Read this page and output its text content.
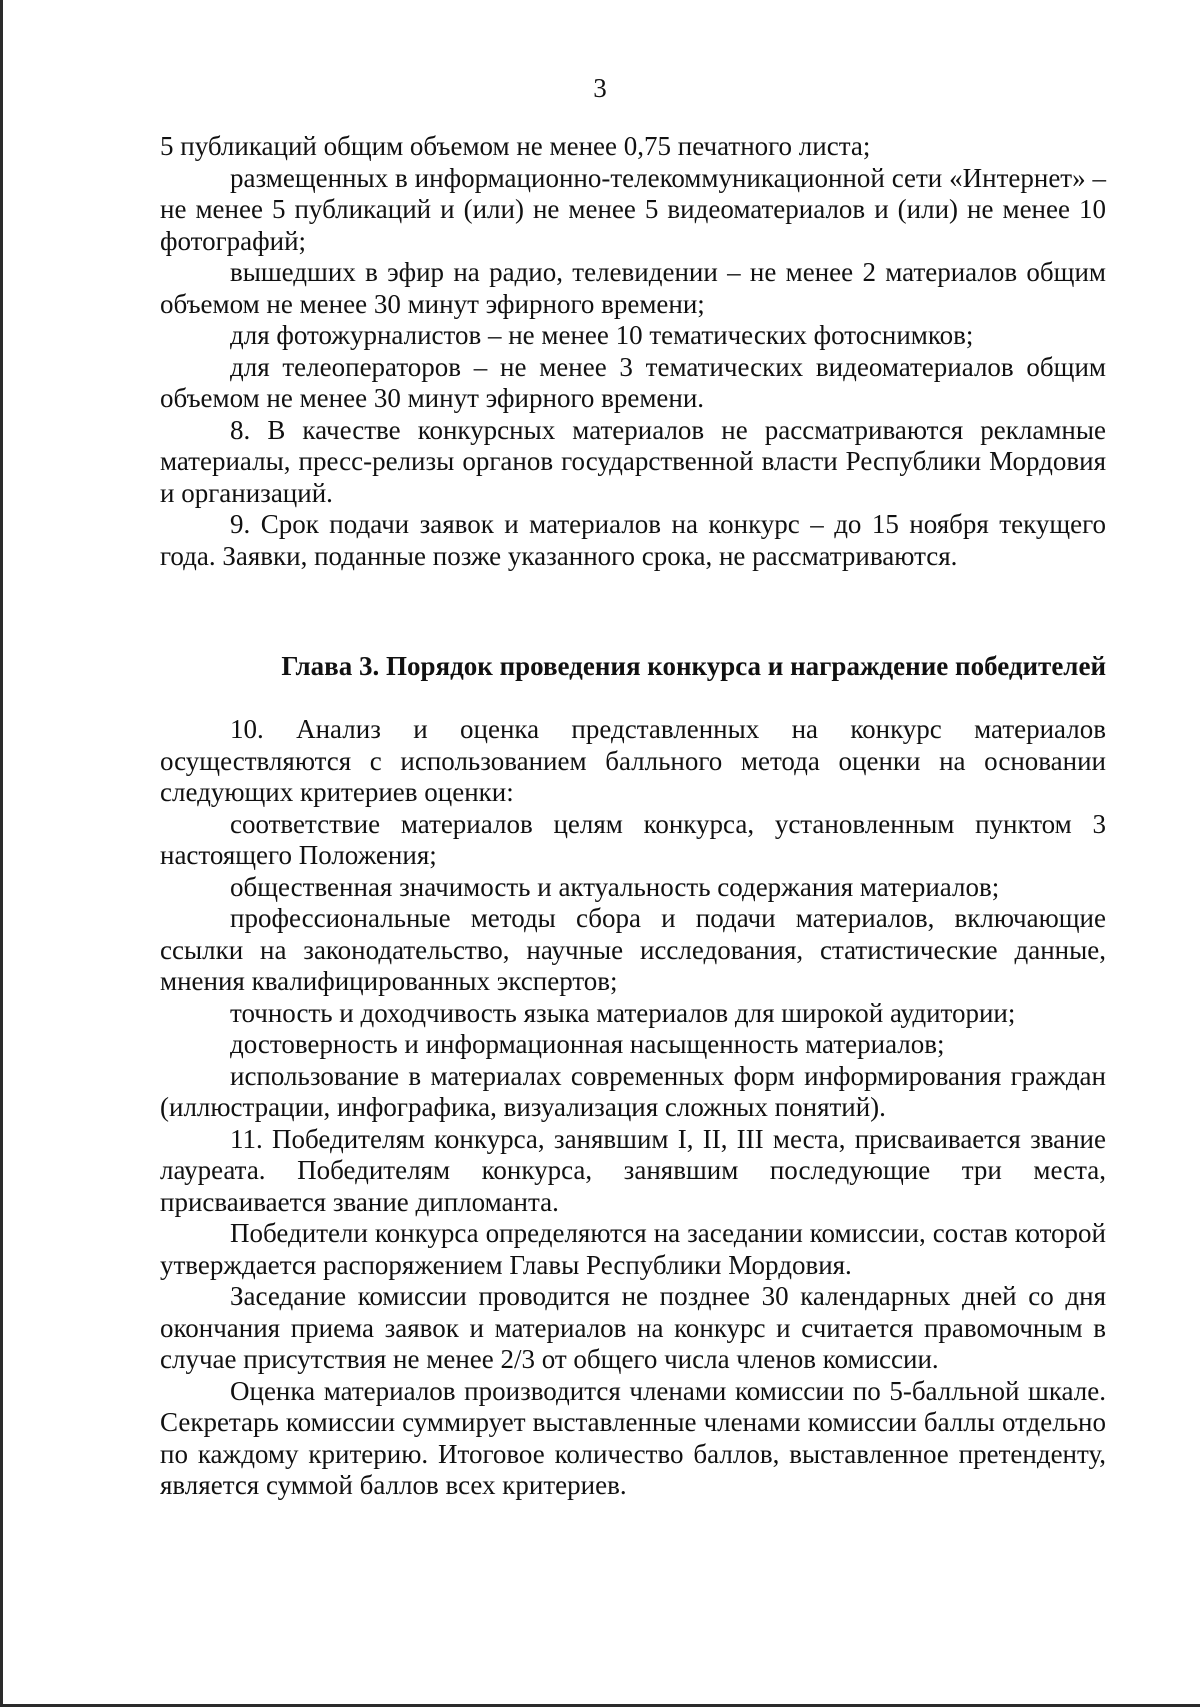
3

5 публикаций общим объемом не менее 0,75 печатного листа;

размещенных в информационно-телекоммуникационной сети «Интернет» – не менее 5 публикаций и (или) не менее 5 видеоматериалов и (или) не менее 10 фотографий;

вышедших в эфир на радио, телевидении – не менее 2 материалов общим объемом не менее 30 минут эфирного времени;

для фотожурналистов – не менее 10 тематических фотоснимков;

для телеоператоров – не менее 3 тематических видеоматериалов общим объемом не менее 30 минут эфирного времени.

8. В качестве конкурсных материалов не рассматриваются рекламные материалы, пресс-релизы органов государственной власти Республики Мордовия и организаций.

9. Срок подачи заявок и материалов на конкурс – до 15 ноября текущего года. Заявки, поданные позже указанного срока, не рассматриваются.

Глава 3. Порядок проведения конкурса и награждение победителей

10. Анализ и оценка представленных на конкурс материалов осуществляются с использованием балльного метода оценки на основании следующих критериев оценки:

соответствие материалов целям конкурса, установленным пунктом 3 настоящего Положения;

общественная значимость и актуальность содержания материалов;

профессиональные методы сбора и подачи материалов, включающие ссылки на законодательство, научные исследования, статистические данные, мнения квалифицированных экспертов;

точность и доходчивость языка материалов для широкой аудитории;

достоверность и информационная насыщенность материалов;

использование в материалах современных форм информирования граждан (иллюстрации, инфографика, визуализация сложных понятий).

11. Победителям конкурса, занявшим I, II, III места, присваивается звание лауреата. Победителям конкурса, занявшим последующие три места, присваивается звание дипломанта.

Победители конкурса определяются на заседании комиссии, состав которой утверждается распоряжением Главы Республики Мордовия.

Заседание комиссии проводится не позднее 30 календарных дней со дня окончания приема заявок и материалов на конкурс и считается правомочным в случае присутствия не менее 2/3 от общего числа членов комиссии.

Оценка материалов производится членами комиссии по 5-балльной шкале. Секретарь комиссии суммирует выставленные членами комиссии баллы отдельно по каждому критерию. Итоговое количество баллов, выставленное претенденту, является суммой баллов всех критериев.
